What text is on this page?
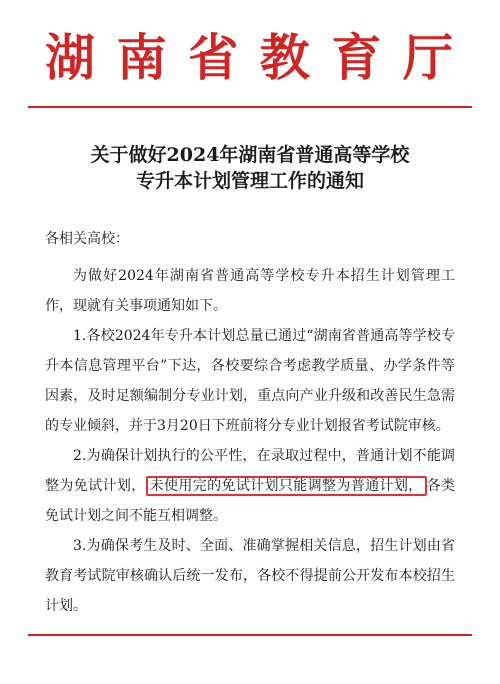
湖南省教育厅
关于做好2024年湖南省普通高等学校
专升本计划管理工作的通知
各相关高校：

为做好2024年湖南省普通高等学校专升本招生计划管理工作，现就有关事项通知如下。

1.各校2024年专升本计划总量已通过“湖南省普通高等学校专升本信息管理平台”下达，各校要综合考虑教学质量、办学条件等因素，及时足额编制分专业计划，重点向产业升级和改善民生急需的专业倾斜，并于3月20日下班前将分专业计划报省考试院审核。

2.为确保计划执行的公平性，在录取过程中，普通计划不能调整为免试计划， 未使用完的免试计划只能调整为普通计划， 各类免试计划之间不能互相调整。

3.为确保考生及时、全面、准确掌握相关信息，招生计划由省教育考试院审核确认后统一发布，各校不得提前公开发布本校招生计划。
